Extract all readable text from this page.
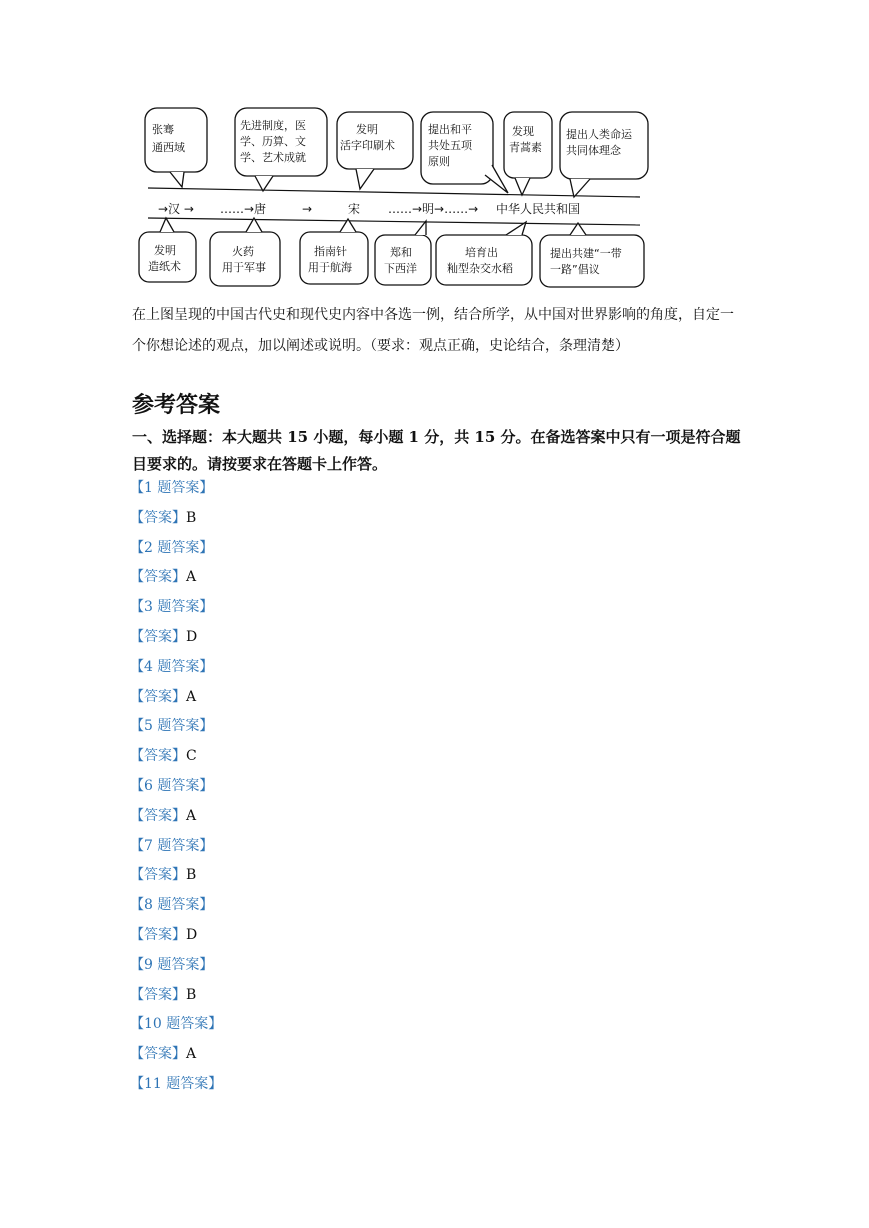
→汉 → ……→唐	→	宋 ……→明→……→ 中华人民共和国
张骞
通西域
先进制度，医
学、历算、文
学、艺术成就
发明
活字印刷术
提出和平
共处五项
原则
发现
青蒿素
提出人类命运
共同体理念
发明
造纸术
火药
用于军事
指南针
用于航海
郑和
下西洋
培育出
籼型杂交水稻
提出共建“一带
一路”倡议

在上图呈现的中国古代史和现代史内容中各选一例，结合所学，从中国对世界影响的角度，自定一个你想论述的观点，加以阐述或说明。（要求：观点正确，史论结合，条理清楚）

参考答案

一、选择题：本大题共 15 小题，每小题 1 分，共 15 分。在备选答案中只有一项是符合题目要求的。请按要求在答题卡上作答。

【1 题答案】
【答案】B
【2 题答案】
【答案】A
【3 题答案】
【答案】D
【4 题答案】
【答案】A
【5 题答案】
【答案】C
【6 题答案】
【答案】A
【7 题答案】
【答案】B
【8 题答案】
【答案】D
【9 题答案】
【答案】B
【10 题答案】
【答案】A
【11 题答案】
